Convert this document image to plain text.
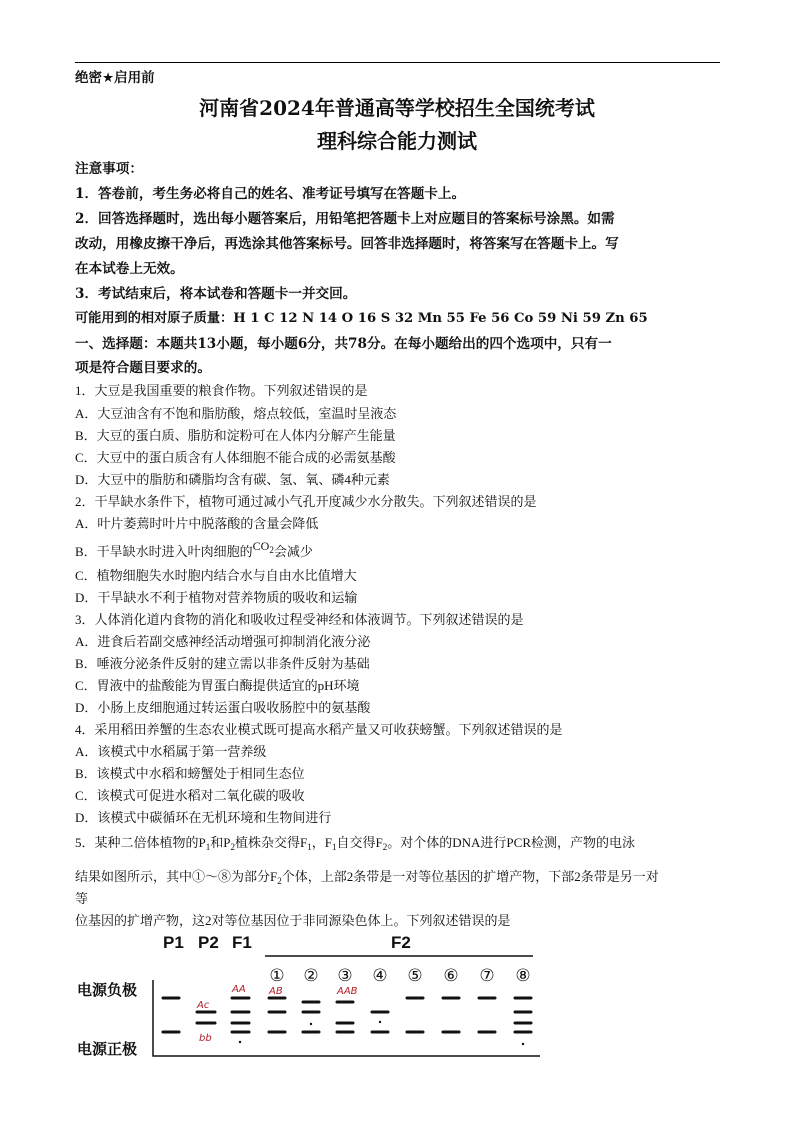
绝密★启用前
河南省2024年普通高等学校招生全国统考试
理科综合能力测试
注意事项：
1．答卷前，考生务必将自己的姓名、准考证号填写在答题卡上。
2．回答选择题时，选出每小题答案后，用铅笔把答题卡上对应题目的答案标号涂黑。如需
改动，用橡皮擦干净后，再选涂其他答案标号。回答非选择题时，将答案写在答题卡上。写
在本试卷上无效。
3．考试结束后，将本试卷和答题卡一并交回。
可能用到的相对原子质量：H 1 C 12 N 14 O 16 S 32 Mn 55 Fe 56 Co 59 Ni 59 Zn 65
一、选择题：本题共13小题，每小题6分，共78分。在每小题给出的四个选项中，只有一
项是符合题目要求的。
1．大豆是我国重要的粮食作物。下列叙述错误的是
A．大豆油含有不饱和脂肪酸，熔点较低，室温时呈液态
B．大豆的蛋白质、脂肪和淀粉可在人体内分解产生能量
C．大豆中的蛋白质含有人体细胞不能合成的必需氨基酸
D．大豆中的脂肪和磷脂均含有碳、氢、氧、磷4种元素
2．干旱缺水条件下，植物可通过减小气孔开度减少水分散失。下列叙述错误的是
A．叶片萎蔫时叶片中脱落酸的含量会降低
B．干旱缺水时进入叶肉细胞的$CO_2$会减少
C．植物细胞失水时胞内结合水与自由水比值增大
D．干旱缺水不利于植物对营养物质的吸收和运输
3．人体消化道内食物的消化和吸收过程受神经和体液调节。下列叙述错误的是
A．进食后若副交感神经活动增强可抑制消化液分泌
B．唾液分泌条件反射的建立需以非条件反射为基础
C．胃液中的盐酸能为胃蛋白酶提供适宜的pH环境
D．小肠上皮细胞通过转运蛋白吸收肠腔中的氨基酸
4．采用稻田养蟹的生态农业模式既可提高水稻产量又可收获螃蟹。下列叙述错误的是
A．该模式中水稻属于第一营养级
B．该模式中水稻和螃蟹处于相同生态位
C．该模式可促进水稻对二氧化碳的吸收
D．该模式中碳循环在无机环境和生物间进行
5．某种二倍体植物的$P_1$和$P_2$植株杂交得$F_1$，$F_1$自交得$F_2$。对个体的DNA进行PCR检测，产物的电泳
结果如图所示，其中①～⑧为部分$F_2$个体，上部2条带是一对等位基因的扩增产物，下部2条带是另一对
等
位基因的扩增产物，这2对等位基因位于非同源染色体上。下列叙述错误的是
P1 P2 F1	F2
① ② ③ ④ ⑤ ⑥ ⑦ ⑧
电源负极
电源正极
Ac
AA AB
bb
AAB
